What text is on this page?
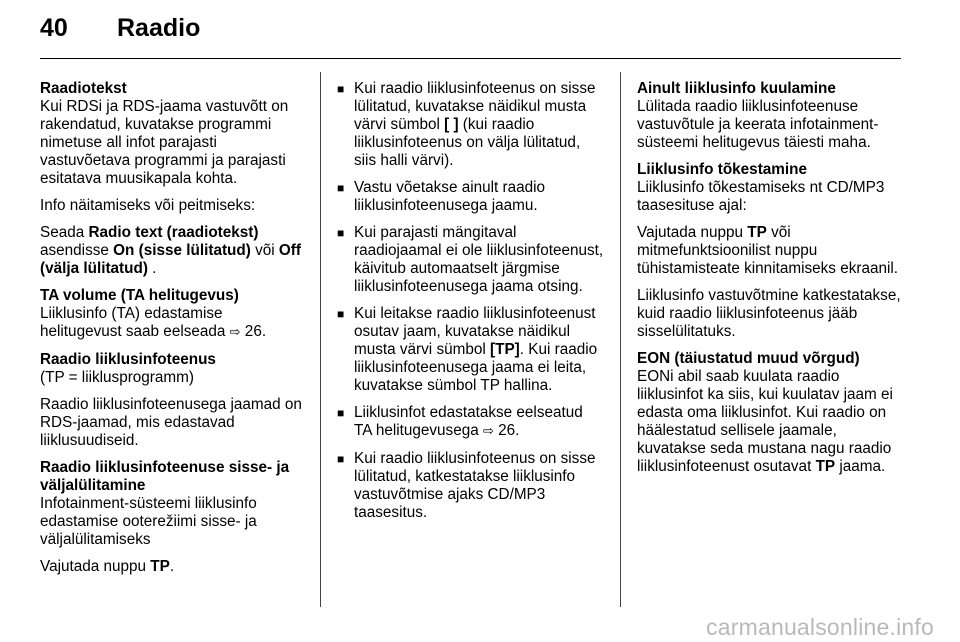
40 Raadio
Raadiotekst

Kui RDSi ja RDS-jaama vastuvõtt on rakendatud, kuvatakse programmi nimetuse all infot parajasti vastuvõetava programmi ja parajasti esitatava muusikapala kohta.

Info näitamiseks või peitmiseks:

Seada Radio text (raadiotekst)
asendisse On (sisse lülitatud) või Off (välja lülitatud) .

TA volume (TA helitugevus)

Liiklusinfo (TA) edastamise helitugevust saab eelseada ⇨ 26.

Raadio liiklusinfoteenus

(TP = liiklusprogramm)

Raadio liiklusinfoteenusega jaamad on RDS-jaamad, mis edastavad liiklusuudiseid.

Raadio liiklusinfoteenuse sisse- ja väljalülitamine

Infotainment-süsteemi liiklusinfo edastamise ooterežiimi sisse- ja väljalülitamiseks

Vajutada nuppu TP.

■ Kui raadio liiklusinfoteenus on sisse lülitatud, kuvatakse näidikul musta värvi sümbol [ ] (kui raadio liiklusinfoteenus on välja lülitatud, siis halli värvi).
■ Vastu võetakse ainult raadio liiklusinfoteenusega jaamu.
■ Kui parajasti mängitaval raadiojaamal ei ole liiklusinfoteenust, käivitub automaatselt järgmise liiklusinfoteenusega jaama otsing.
■ Kui leitakse raadio liiklusinfoteenust osutav jaam, kuvatakse näidikul musta värvi sümbol [TP]. Kui raadio liiklusinfoteenusega jaama ei leita, kuvatakse sümbol TP hallina.
■ Liiklusinfot edastatakse eelseatud TA helitugevusega ⇨ 26.
■ Kui raadio liiklusinfoteenus on sisse lülitatud, katkestatakse liiklusinfo vastuvõtmise ajaks CD/MP3 taasesitus.
Ainult liiklusinfo kuulamine

Lülitada raadio liiklusinfoteenuse vastuvõtule ja keerata infotainment-süsteemi helitugevus täiesti maha.

Liiklusinfo tõkestamine

Liiklusinfo tõkestamiseks nt CD/MP3 taasesituse ajal:

Vajutada nuppu TP või mitmefunktsioonilist nuppu tühistamisteate kinnitamiseks ekraanil.

Liiklusinfo vastuvõtmine katkestatakse, kuid raadio liiklusinfoteenus jääb sisselülitatuks.

EON (täiustatud muud võrgud)

EONi abil saab kuulata raadio liiklusinfot ka siis, kui kuulatav jaam ei edasta oma liiklusinfot. Kui raadio on häälestatud sellisele jaamale, kuvatakse seda mustana nagu raadio liiklusinfoteenust osutavat TP jaama.

carmanualsonline.info
